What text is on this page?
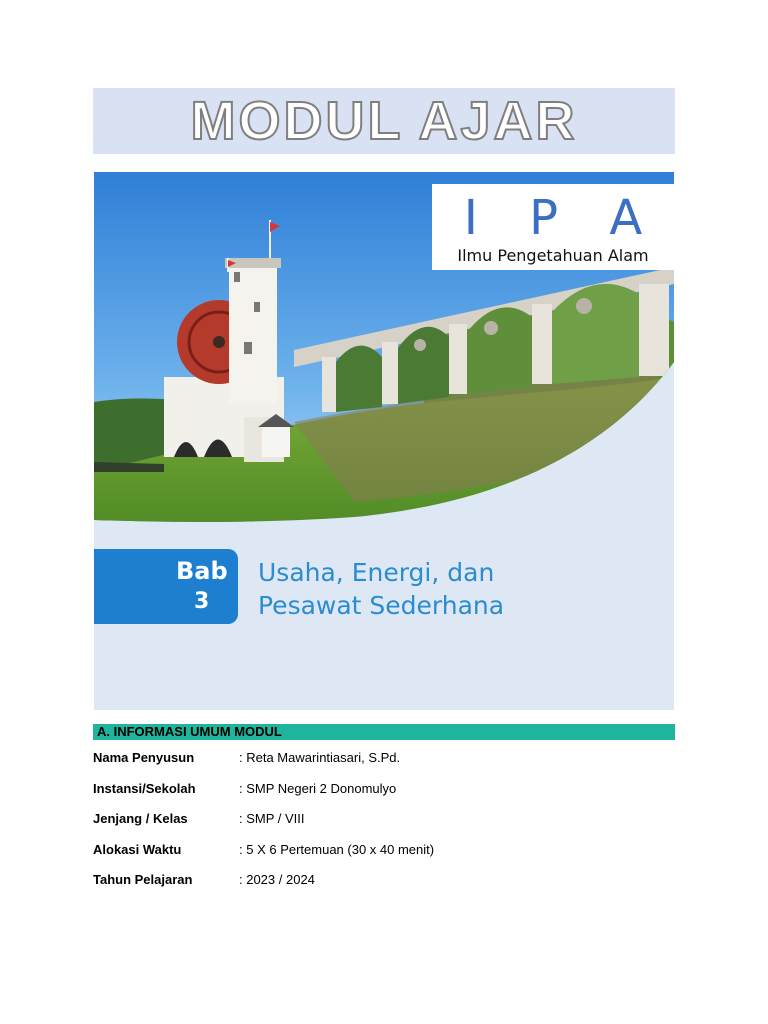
MODUL AJAR
I P A
Ilmu Pengetahuan Alam
Bab
3
Usaha, Energi, dan
Pesawat Sederhana
A. INFORMASI UMUM MODUL
Nama Penyusun	: Reta Mawarintiasari, S.Pd.
Instansi/Sekolah	: SMP Negeri 2 Donomulyo
Jenjang / Kelas	: SMP / VIII
Alokasi Waktu	: 5 X 6 Pertemuan (30 x 40 menit)
Tahun Pelajaran	: 2023 / 2024
